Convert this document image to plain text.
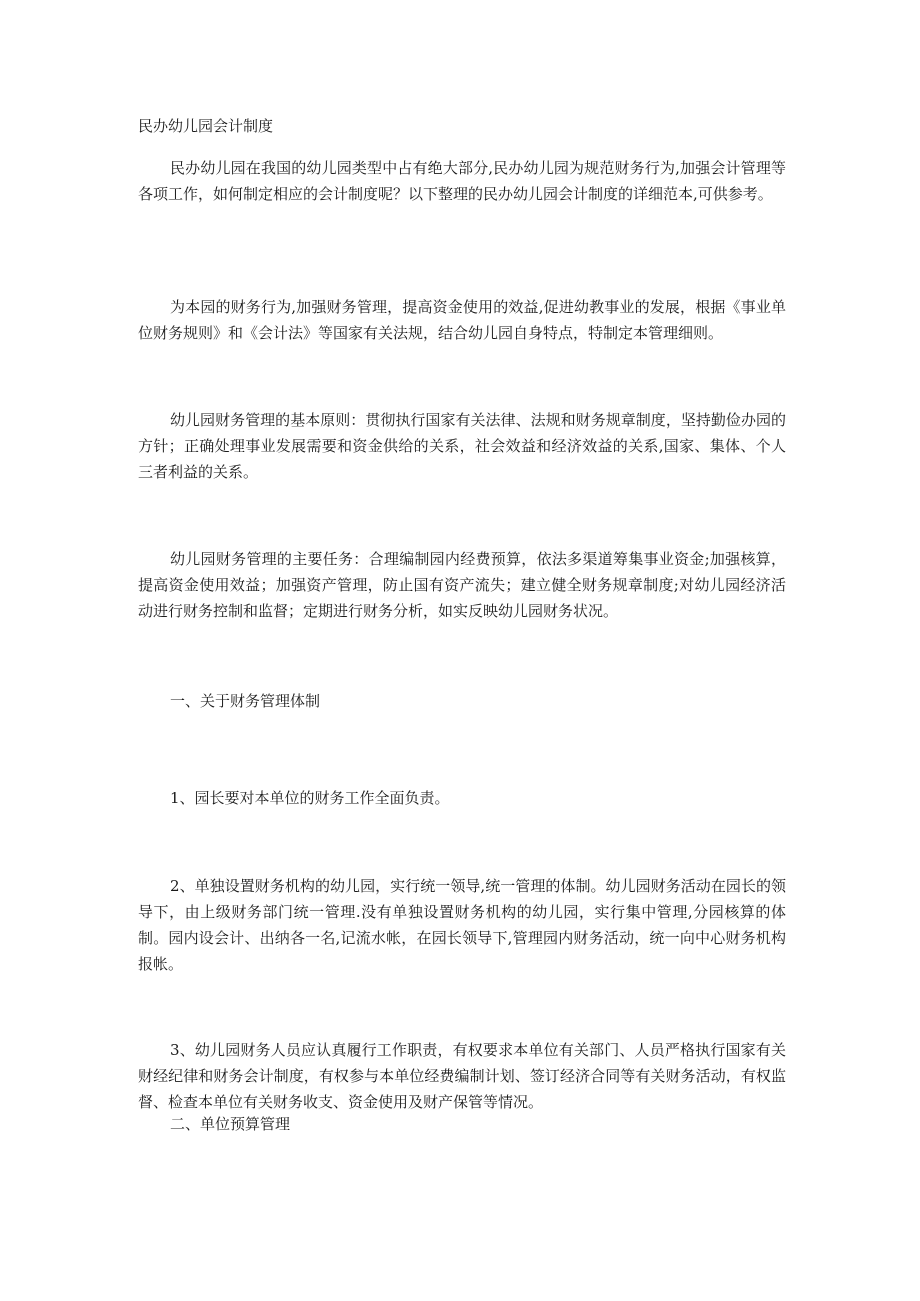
民办幼儿园会计制度

民办幼儿园在我国的幼儿园类型中占有绝大部分,民办幼儿园为规范财务行为,加强会计管理等各项工作，如何制定相应的会计制度呢？以下整理的民办幼儿园会计制度的详细范本,可供参考。

为本园的财务行为,加强财务管理，提高资金使用的效益,促进幼教事业的发展，根据《事业单位财务规则》和《会计法》等国家有关法规，结合幼儿园自身特点，特制定本管理细则。

幼儿园财务管理的基本原则：贯彻执行国家有关法律、法规和财务规章制度，坚持勤俭办园的方针；正确处理事业发展需要和资金供给的关系，社会效益和经济效益的关系,国家、集体、个人三者利益的关系。

幼儿园财务管理的主要任务：合理编制园内经费预算，依法多渠道筹集事业资金;加强核算，提高资金使用效益；加强资产管理，防止国有资产流失；建立健全财务规章制度;对幼儿园经济活动进行财务控制和监督；定期进行财务分析，如实反映幼儿园财务状况。

一、关于财务管理体制

1、园长要对本单位的财务工作全面负责。

2、单独设置财务机构的幼儿园，实行统一领导,统一管理的体制。幼儿园财务活动在园长的领导下，由上级财务部门统一管理.没有单独设置财务机构的幼儿园，实行集中管理,分园核算的体制。园内设会计、出纳各一名,记流水帐，在园长领导下,管理园内财务活动，统一向中心财务机构报帐。

3、幼儿园财务人员应认真履行工作职责，有权要求本单位有关部门、人员严格执行国家有关财经纪律和财务会计制度，有权参与本单位经费编制计划、签订经济合同等有关财务活动，有权监督、检查本单位有关财务收支、资金使用及财产保管等情况。

二、单位预算管理
